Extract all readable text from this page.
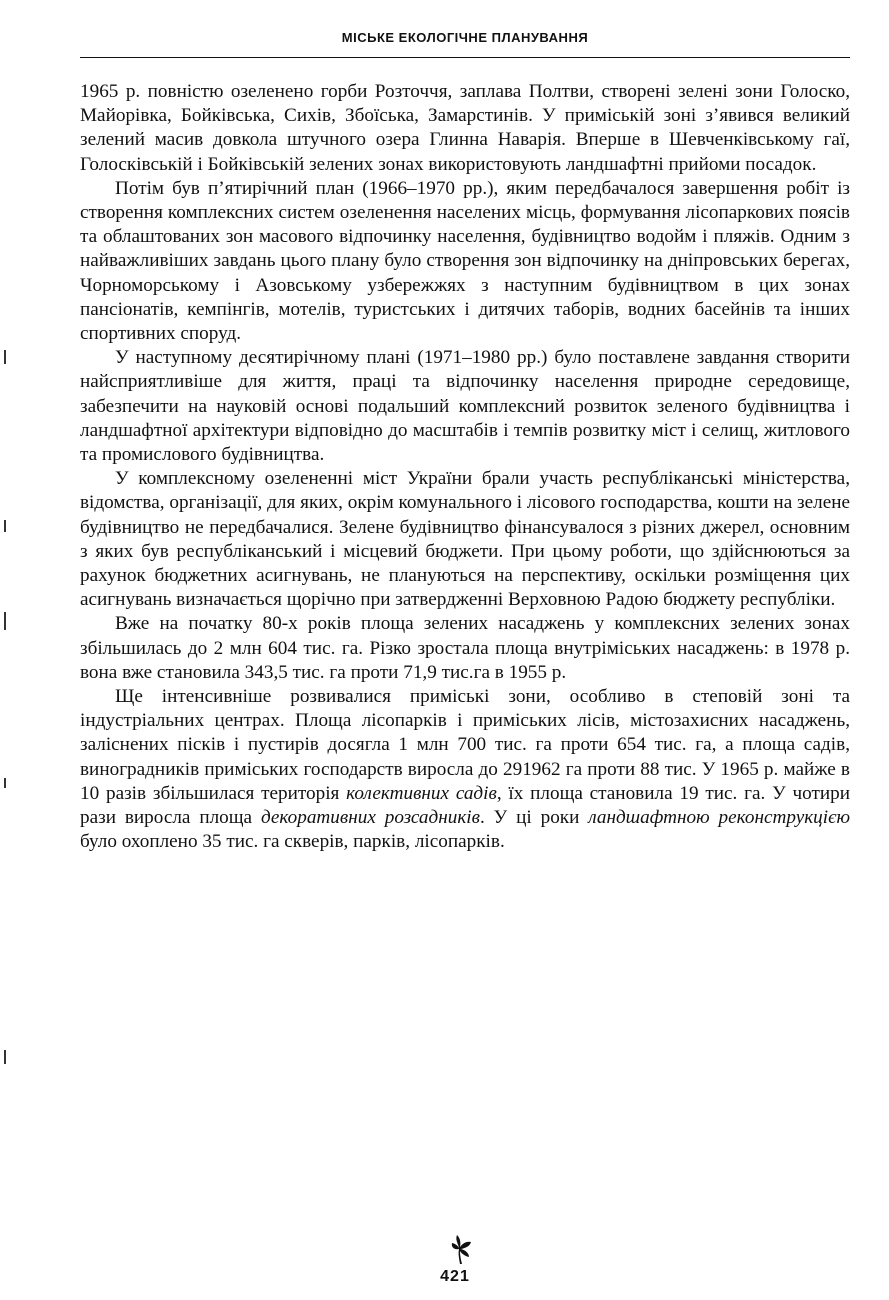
МІСЬКЕ ЕКОЛОГІЧНЕ ПЛАНУВАННЯ

1965 р. повністю озеленено горби Розточчя, заплава Полтви, створені зелені зони Голоско, Майорівка, Бойківська, Сихів, Збоїська, Замарстинів. У приміській зоні з’явився великий зелений масив довкола штучного озера Глинна Наварія. Вперше в Шевченківському гаї, Голосківській і Бойківській зелених зонах використовують ландшафтні прийоми посадок.

Потім був п’ятирічний план (1966–1970 рр.), яким передбачалося завершення робіт із створення комплексних систем озеленення населених місць, формування лісопаркових поясів та облаштованих зон масового відпочинку населення, будівництво водойм і пляжів. Одним з найважливіших завдань цього плану було створення зон відпочинку на дніпровських берегах, Чорноморському і Азовському узбережжях з наступним будівництвом в цих зонах пансіонатів, кемпінгів, мотелів, туристських і дитячих таборів, водних басейнів та інших спортивних споруд.

У наступному десятирічному плані (1971–1980 рр.) було поставлене завдання створити найсприятливіше для життя, праці та відпочинку населення природне середовище, забезпечити на науковій основі подальший комплексний розвиток зеленого будівництва і ландшафтної архітектури відповідно до масштабів і темпів розвитку міст і селищ, житлового та промислового будівництва.

У комплексному озелененні міст України брали участь республіканські міністерства, відомства, організації, для яких, окрім комунального і лісового господарства, кошти на зелене будівництво не передбачалися. Зелене будівництво фінансувалося з різних джерел, основним з яких був республіканський і місцевий бюджети. При цьому роботи, що здійснюються за рахунок бюджетних асигнувань, не плануються на перспективу, оскільки розміщення цих асигнувань визначається щорічно при затвердженні Верховною Радою бюджету республіки.

Вже на початку 80-х років площа зелених насаджень у комплексних зелених зонах збільшилась до 2 млн 604 тис. га. Різко зростала площа внутріміських насаджень: в 1978 р. вона вже становила 343,5 тис. га проти 71,9 тис.га в 1955 р.

Ще інтенсивніше розвивалися приміські зони, особливо в степовій зоні та індустріальних центрах. Площа лісопарків і приміських лісів, містозахисних насаджень, заліснених пісків і пустирів досягла 1 млн 700 тис. га проти 654 тис. га, а площа садів, виноградників приміських господарств виросла до 291962 га проти 88 тис. У 1965 р. майже в 10 разів збільшилася територія колективних садів, їх площа становила 19 тис. га. У чотири рази виросла площа декоративних розсадників. У ці роки ландшафтною реконструкцією було охоплено 35 тис. га скверів, парків, лісопарків.

421
